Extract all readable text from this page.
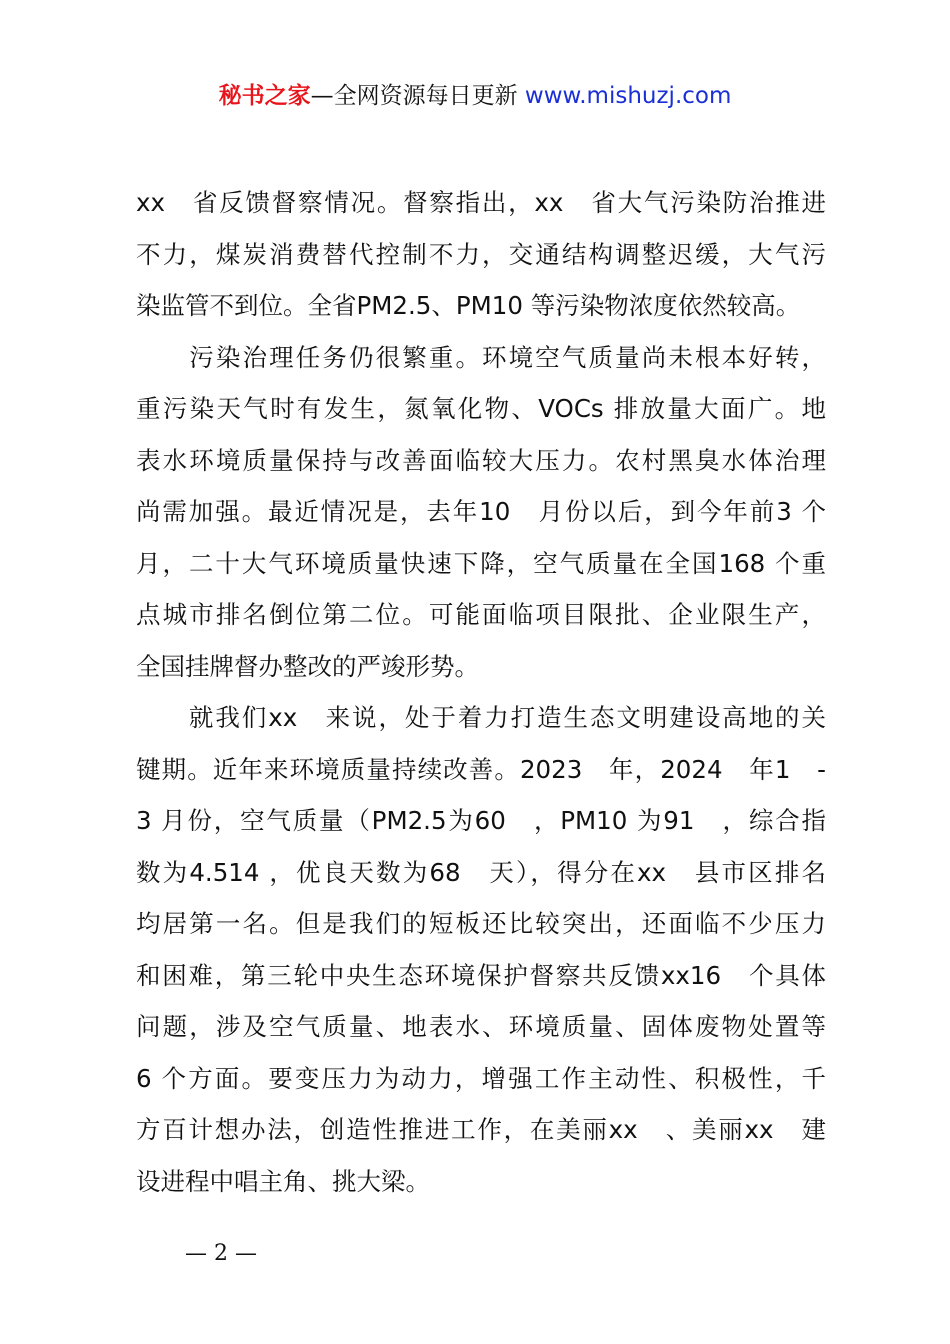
秘书之家—全网资源每日更新 www.mishuzj.com
xx　省反馈督察情况。督察指出，xx　省大气污染防治推进
不力，煤炭消费替代控制不力，交通结构调整迟缓，大气污
染监管不到位。全省PM2.5、PM10 等污染物浓度依然较高。
　　污染治理任务仍很繁重。环境空气质量尚未根本好转，
重污染天气时有发生，氮氧化物、VOCs 排放量大面广。地
表水环境质量保持与改善面临较大压力。农村黑臭水体治理
尚需加强。最近情况是，去年10　月份以后，到今年前3 个
月，二十大气环境质量快速下降，空气质量在全国168 个重
点城市排名倒位第二位。可能面临项目限批、企业限生产，
全国挂牌督办整改的严竣形势。
　　就我们xx　来说，处于着力打造生态文明建设高地的关
键期。近年来环境质量持续改善。2023　年，2024　年1　-
3 月份，空气质量（PM2.5为60　，PM10 为91　，综合指
数为4.514 ，优良天数为68　天），得分在xx　县市区排名
均居第一名。但是我们的短板还比较突出，还面临不少压力
和困难，第三轮中央生态环境保护督察共反馈xx16　个具体
问题，涉及空气质量、地表水、环境质量、固体废物处置等
6 个方面。要变压力为动力，增强工作主动性、积极性，千
方百计想办法，创造性推进工作，在美丽xx　、美丽xx　建
设进程中唱主角、挑大梁。
— 2 —
